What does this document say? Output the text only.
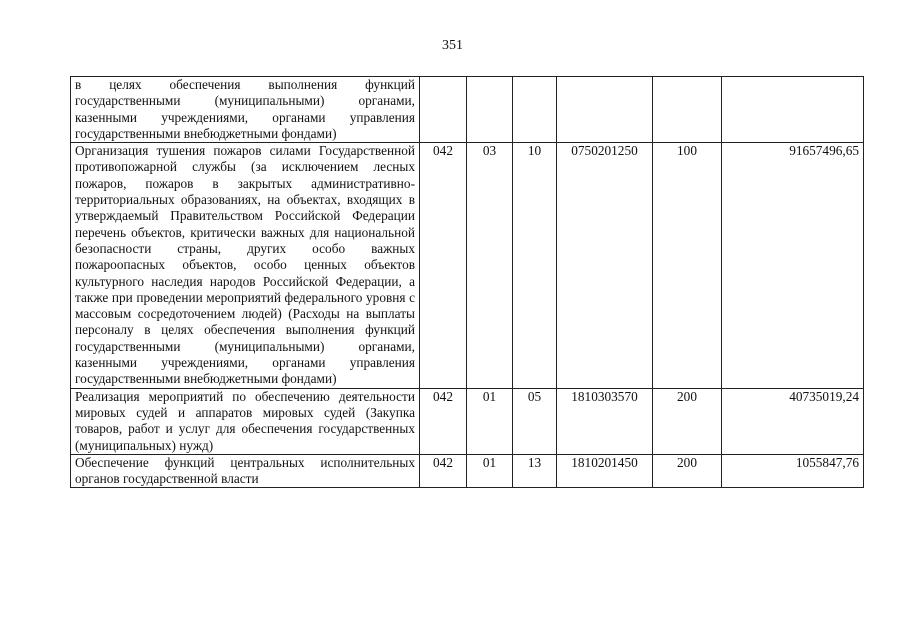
351
в целях обеспечения выполнения функций государственными (муниципальными) органами, казенными учреждениями, органами управления государственными внебюджетными фондами)						
Организация тушения пожаров силами Государственной противопожарной службы (за исключением лесных пожаров, пожаров в закрытых административно-территориальных образованиях, на объектах, входящих в утверждаемый Правительством Российской Федерации перечень объектов, критически важных для национальной безопасности страны, других особо важных пожароопасных объектов, особо ценных объектов культурного наследия народов Российской Федерации, а также при проведении мероприятий федерального уровня с массовым сосредоточением людей) (Расходы на выплаты персоналу в целях обеспечения выполнения функций государственными (муниципальными) органами, казенными учреждениями, органами управления государственными внебюджетными фондами)	042	03	10	0750201250	100	91657496,65
Реализация мероприятий по обеспечению деятельности мировых судей и аппаратов мировых судей (Закупка товаров, работ и услуг для обеспечения государственных (муниципальных) нужд)	042	01	05	1810303570	200	40735019,24
Обеспечение функций центральных исполнительных органов государственной власти	042	01	13	1810201450	200	1055847,76
